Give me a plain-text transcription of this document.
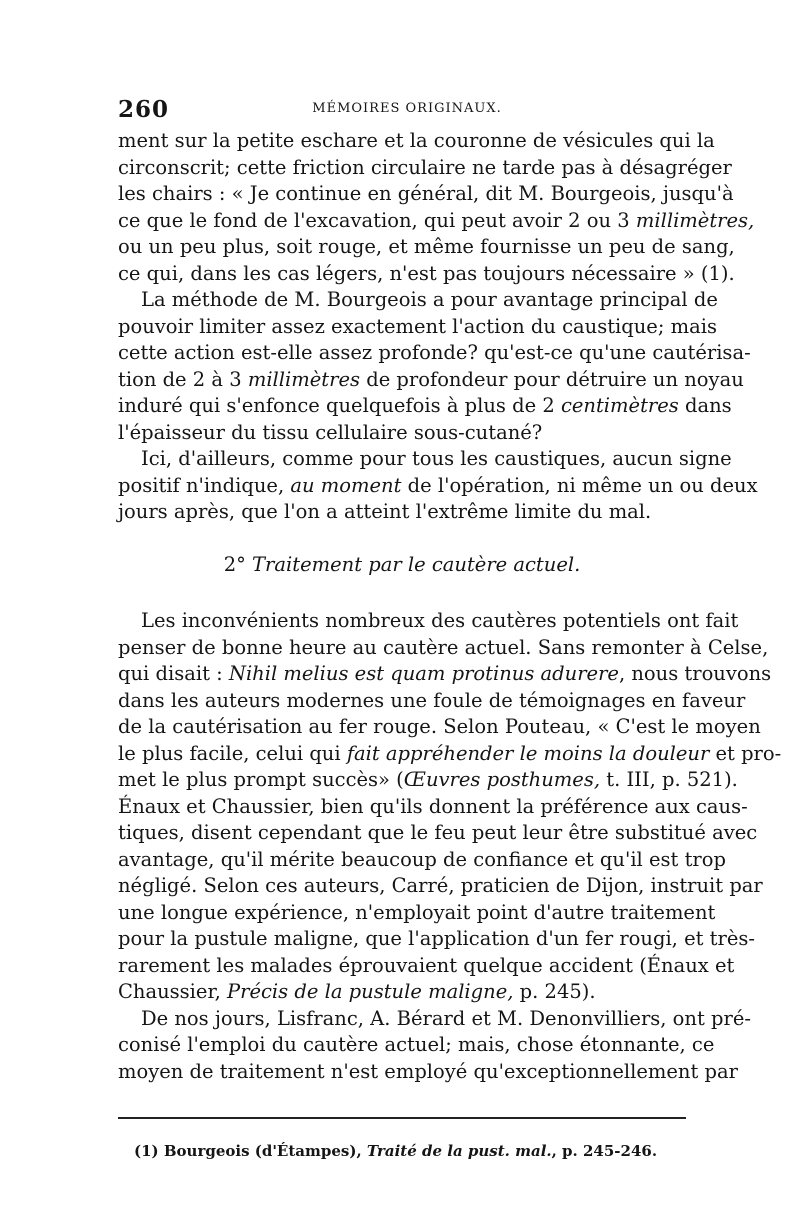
260	MÉMOIRES ORIGINAUX.
ment sur la petite eschare et la couronne de vésicules qui la
circonscrit; cette friction circulaire ne tarde pas à désagréger
les chairs : « Je continue en général, dit M. Bourgeois, jusqu'à
ce que le fond de l'excavation, qui peut avoir 2 ou 3 millimètres,
ou un peu plus, soit rouge, et même fournisse un peu de sang,
ce qui, dans les cas légers, n'est pas toujours nécessaire » (1).
La méthode de M. Bourgeois a pour avantage principal de
pouvoir limiter assez exactement l'action du caustique; mais
cette action est-elle assez profonde? qu'est-ce qu'une cautérisa-
tion de 2 à 3 millimètres de profondeur pour détruire un noyau
induré qui s'enfonce quelquefois à plus de 2 centimètres dans
l'épaisseur du tissu cellulaire sous-cutané?
Ici, d'ailleurs, comme pour tous les caustiques, aucun signe
positif n'indique, au moment de l'opération, ni même un ou deux
jours après, que l'on a atteint l'extrême limite du mal.
2° Traitement par le cautère actuel.
Les inconvénients nombreux des cautères potentiels ont fait
penser de bonne heure au cautère actuel. Sans remonter à Celse,
qui disait : Nihil melius est quam protinus adurere, nous trouvons
dans les auteurs modernes une foule de témoignages en faveur
de la cautérisation au fer rouge. Selon Pouteau, « C'est le moyen
le plus facile, celui qui fait appréhender le moins la douleur et pro-
met le plus prompt succès» (Œuvres posthumes, t. III, p. 521).
Énaux et Chaussier, bien qu'ils donnent la préférence aux caus-
tiques, disent cependant que le feu peut leur être substitué avec
avantage, qu'il mérite beaucoup de confiance et qu'il est trop
négligé. Selon ces auteurs, Carré, praticien de Dijon, instruit par
une longue expérience, n'employait point d'autre traitement
pour la pustule maligne, que l'application d'un fer rougi, et très-
rarement les malades éprouvaient quelque accident (Énaux et
Chaussier, Précis de la pustule maligne, p. 245).
De nos jours, Lisfranc, A. Bérard et M. Denonvilliers, ont pré-
conisé l'emploi du cautère actuel; mais, chose étonnante, ce
moyen de traitement n'est employé qu'exceptionnellement par
(1) Bourgeois (d'Étampes), Traité de la pust. mal., p. 245-246.
